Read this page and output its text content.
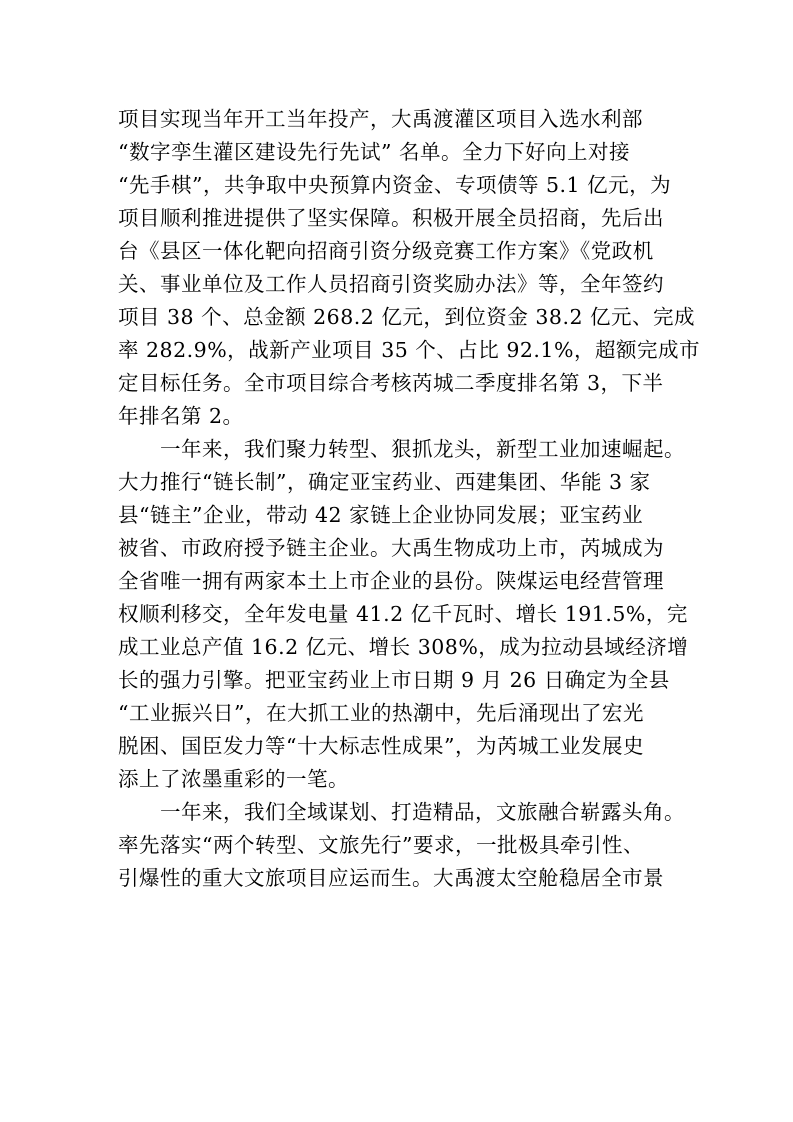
项目实现当年开工当年投产，大禹渡灌区项目入选水利部
“数字孪生灌区建设先行先试” 名单。全力下好向上对接
“先手棋”，共争取中央预算内资金、专项债等 5.1 亿元，为
项目顺利推进提供了坚实保障。积极开展全员招商，先后出
台《县区一体化靶向招商引资分级竞赛工作方案》《党政机
关、事业单位及工作人员招商引资奖励办法》等，全年签约
项目 38 个、总金额 268.2 亿元，到位资金 38.2 亿元、完成
率 282.9%，战新产业项目 35 个、占比 92.1%，超额完成市
定目标任务。全市项目综合考核芮城二季度排名第 3，下半
年排名第 2。

　　一年来，我们聚力转型、狠抓龙头，新型工业加速崛起。
大力推行“链长制”，确定亚宝药业、西建集团、华能 3 家
县“链主”企业，带动 42 家链上企业协同发展；亚宝药业
被省、市政府授予链主企业。大禹生物成功上市，芮城成为
全省唯一拥有两家本土上市企业的县份。陕煤运电经营管理
权顺利移交，全年发电量 41.2 亿千瓦时、增长 191.5%，完
成工业总产值 16.2 亿元、增长 308%，成为拉动县域经济增
长的强力引擎。把亚宝药业上市日期 9 月 26 日确定为全县
“工业振兴日”，在大抓工业的热潮中，先后涌现出了宏光
脱困、国臣发力等“十大标志性成果”，为芮城工业发展史
添上了浓墨重彩的一笔。

　　一年来，我们全域谋划、打造精品，文旅融合崭露头角。
率先落实“两个转型、文旅先行”要求，一批极具牵引性、
引爆性的重大文旅项目应运而生。大禹渡太空舱稳居全市景
